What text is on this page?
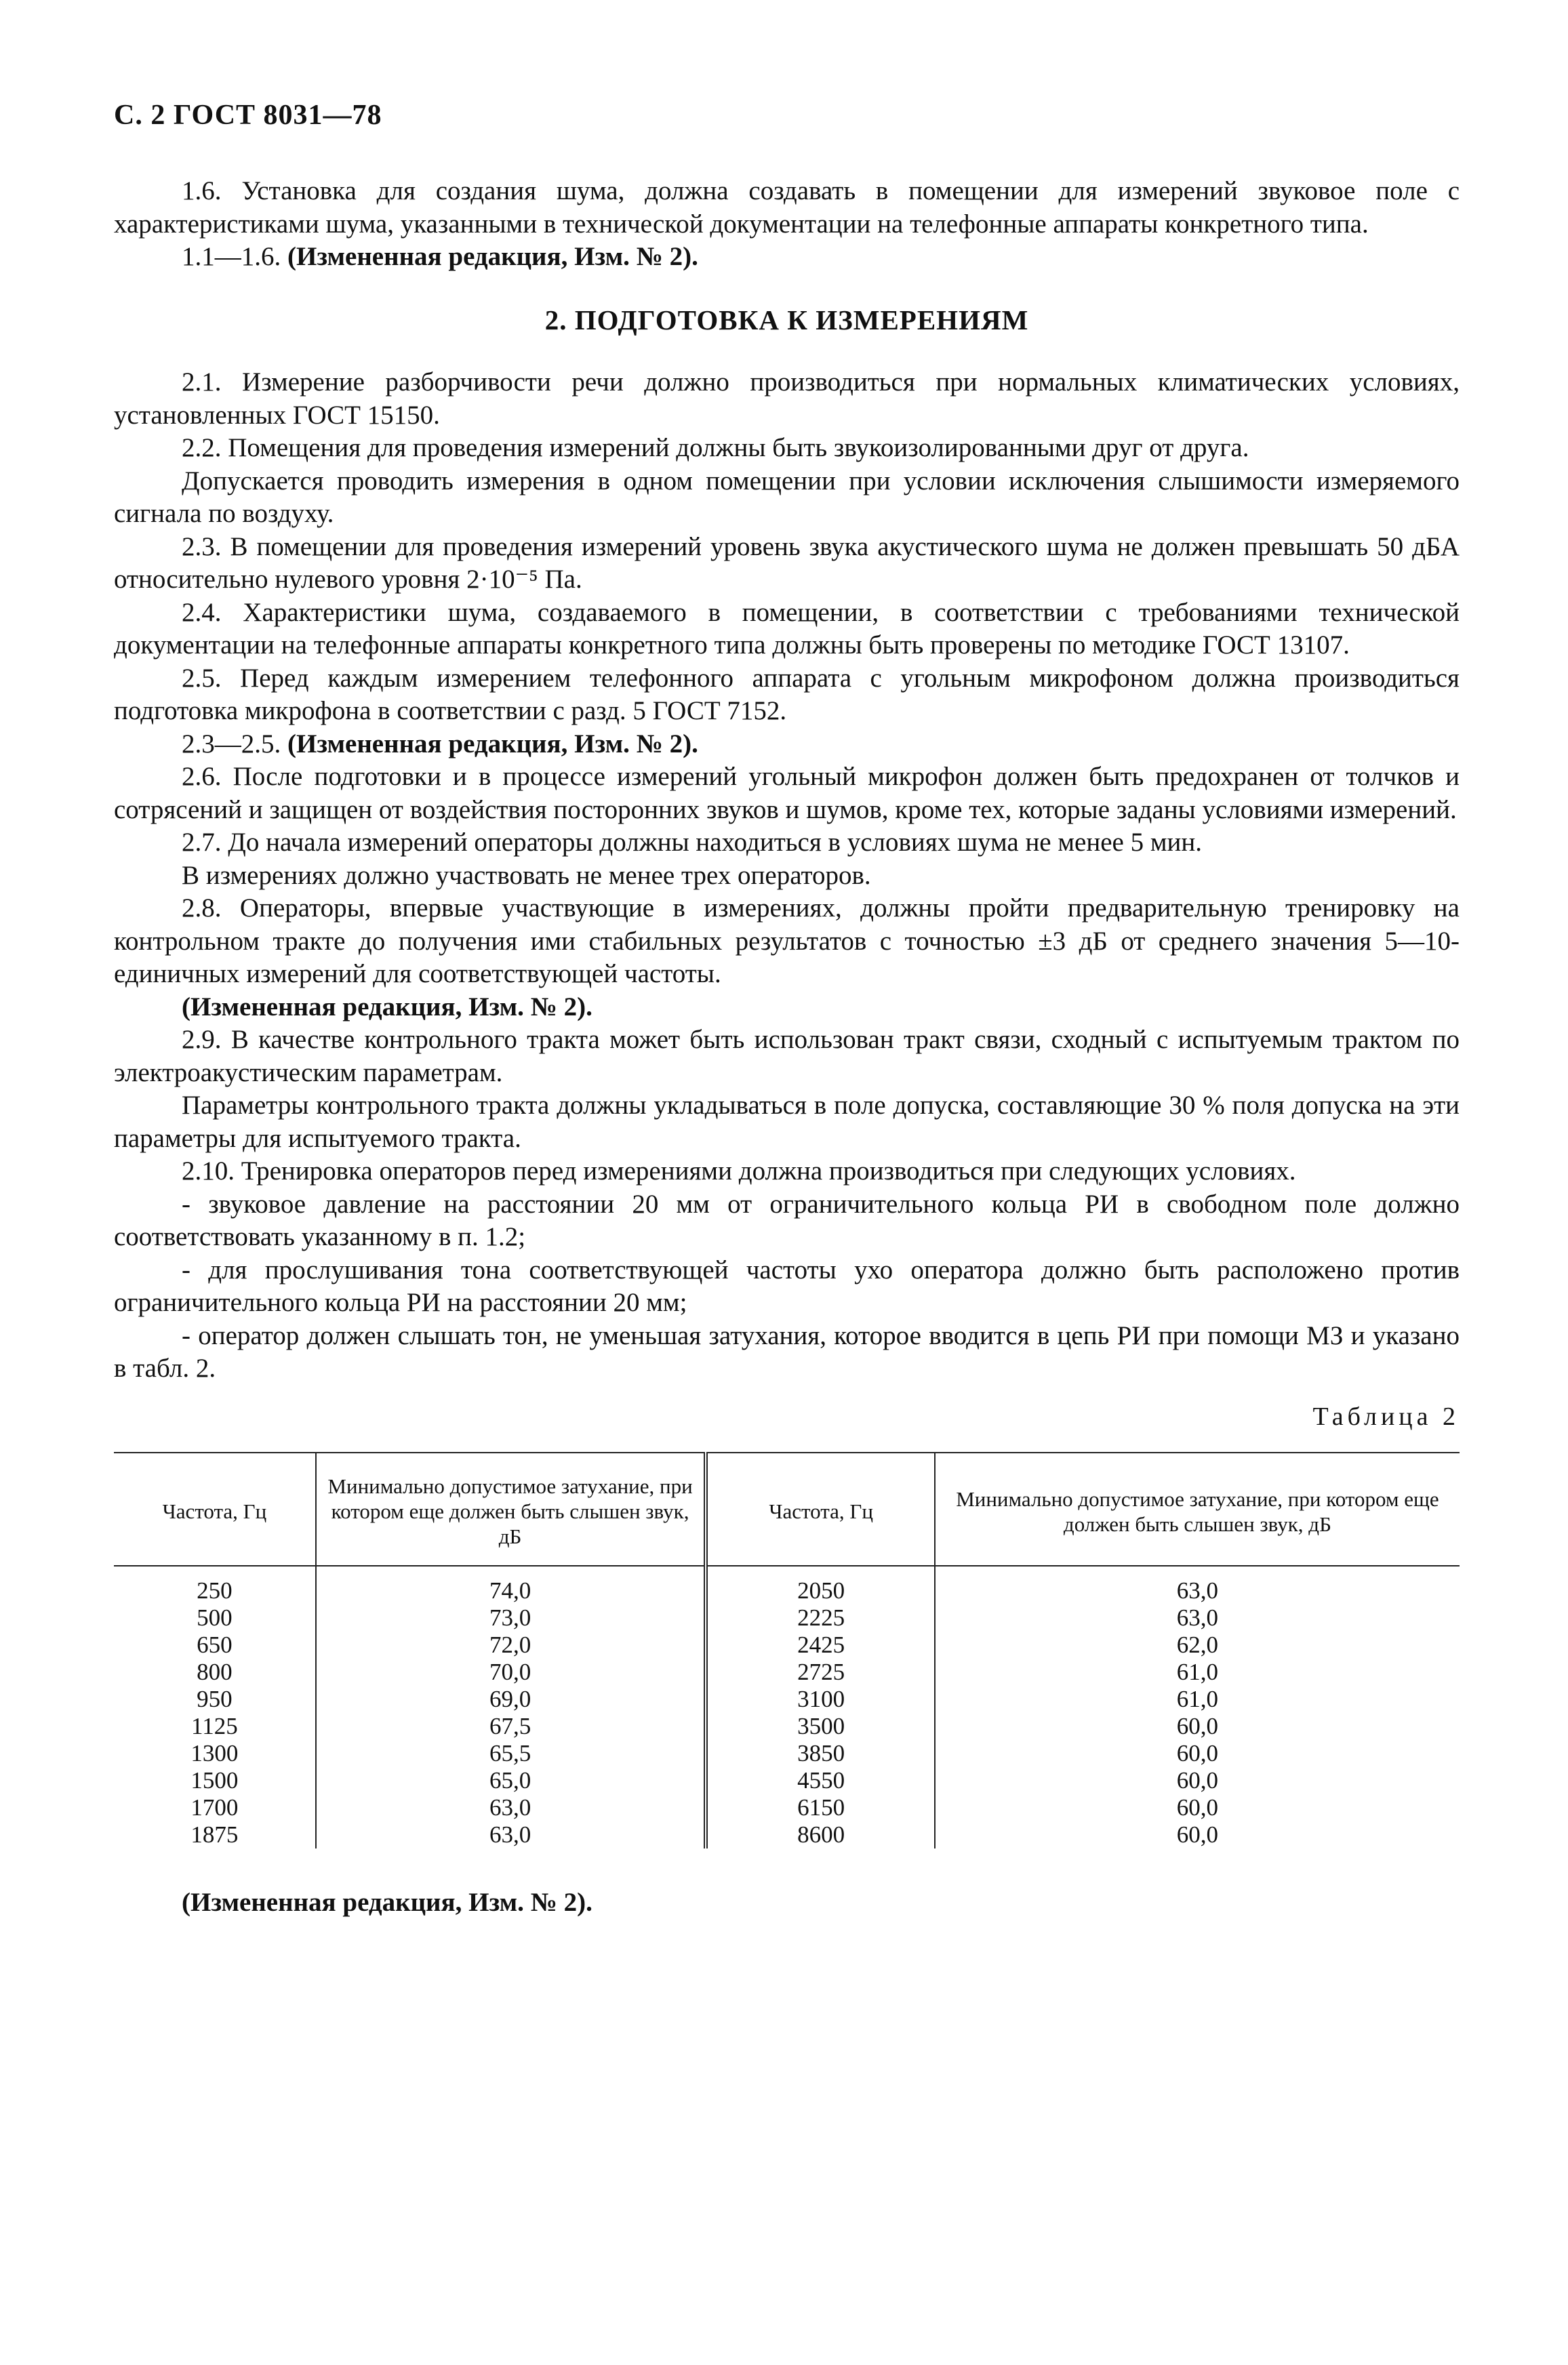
С. 2 ГОСТ 8031—78

1.6. Установка для создания шума, должна создавать в помещении для измерений звуковое поле с характеристиками шума, указанными в технической документации на телефонные аппараты конкретного типа.

1.1—1.6. (Измененная редакция, Изм. № 2).

2. ПОДГОТОВКА К ИЗМЕРЕНИЯМ

2.1. Измерение разборчивости речи должно производиться при нормальных климатических условиях, установленных ГОСТ 15150.

2.2. Помещения для проведения измерений должны быть звукоизолированными друг от друга.

Допускается проводить измерения в одном помещении при условии исключения слышимости измеряемого сигнала по воздуху.

2.3. В помещении для проведения измерений уровень звука акустического шума не должен превышать 50 дБА относительно нулевого уровня 2·10⁻⁵ Па.

2.4. Характеристики шума, создаваемого в помещении, в соответствии с требованиями технической документации на телефонные аппараты конкретного типа должны быть проверены по методике ГОСТ 13107.

2.5. Перед каждым измерением телефонного аппарата с угольным микрофоном должна производиться подготовка микрофона в соответствии с разд. 5 ГОСТ 7152.

2.3—2.5. (Измененная редакция, Изм. № 2).

2.6. После подготовки и в процессе измерений угольный микрофон должен быть предохранен от толчков и сотрясений и защищен от воздействия посторонних звуков и шумов, кроме тех, которые заданы условиями измерений.

2.7. До начала измерений операторы должны находиться в условиях шума не менее 5 мин.

В измерениях должно участвовать не менее трех операторов.

2.8. Операторы, впервые участвующие в измерениях, должны пройти предварительную тренировку на контрольном тракте до получения ими стабильных результатов с точностью ±3 дБ от среднего значения 5—10-единичных измерений для соответствующей частоты.

(Измененная редакция, Изм. № 2).

2.9. В качестве контрольного тракта может быть использован тракт связи, сходный с испытуемым трактом по электроакустическим параметрам.

Параметры контрольного тракта должны укладываться в поле допуска, составляющие 30 % поля допуска на эти параметры для испытуемого тракта.

2.10. Тренировка операторов перед измерениями должна производиться при следующих условиях.

- звуковое давление на расстоянии 20 мм от ограничительного кольца РИ в свободном поле должно соответствовать указанному в п. 1.2;

- для прослушивания тона соответствующей частоты ухо оператора должно быть расположено против ограничительного кольца РИ на расстоянии 20 мм;

- оператор должен слышать тон, не уменьшая затухания, которое вводится в цепь РИ при помощи МЗ и указано в табл. 2.

Таблица 2
Частота, Гц	Минимально допустимое затухание, при котором еще должен быть слышен звук, дБ	Частота, Гц	Минимально допустимое затухание, при котором еще должен быть слышен звук, дБ
250	74,0	2050	63,0
500	73,0	2225	63,0
650	72,0	2425	62,0
800	70,0	2725	61,0
950	69,0	3100	61,0
1125	67,5	3500	60,0
1300	65,5	3850	60,0
1500	65,0	4550	60,0
1700	63,0	6150	60,0
1875	63,0	8600	60,0

(Измененная редакция, Изм. № 2).
